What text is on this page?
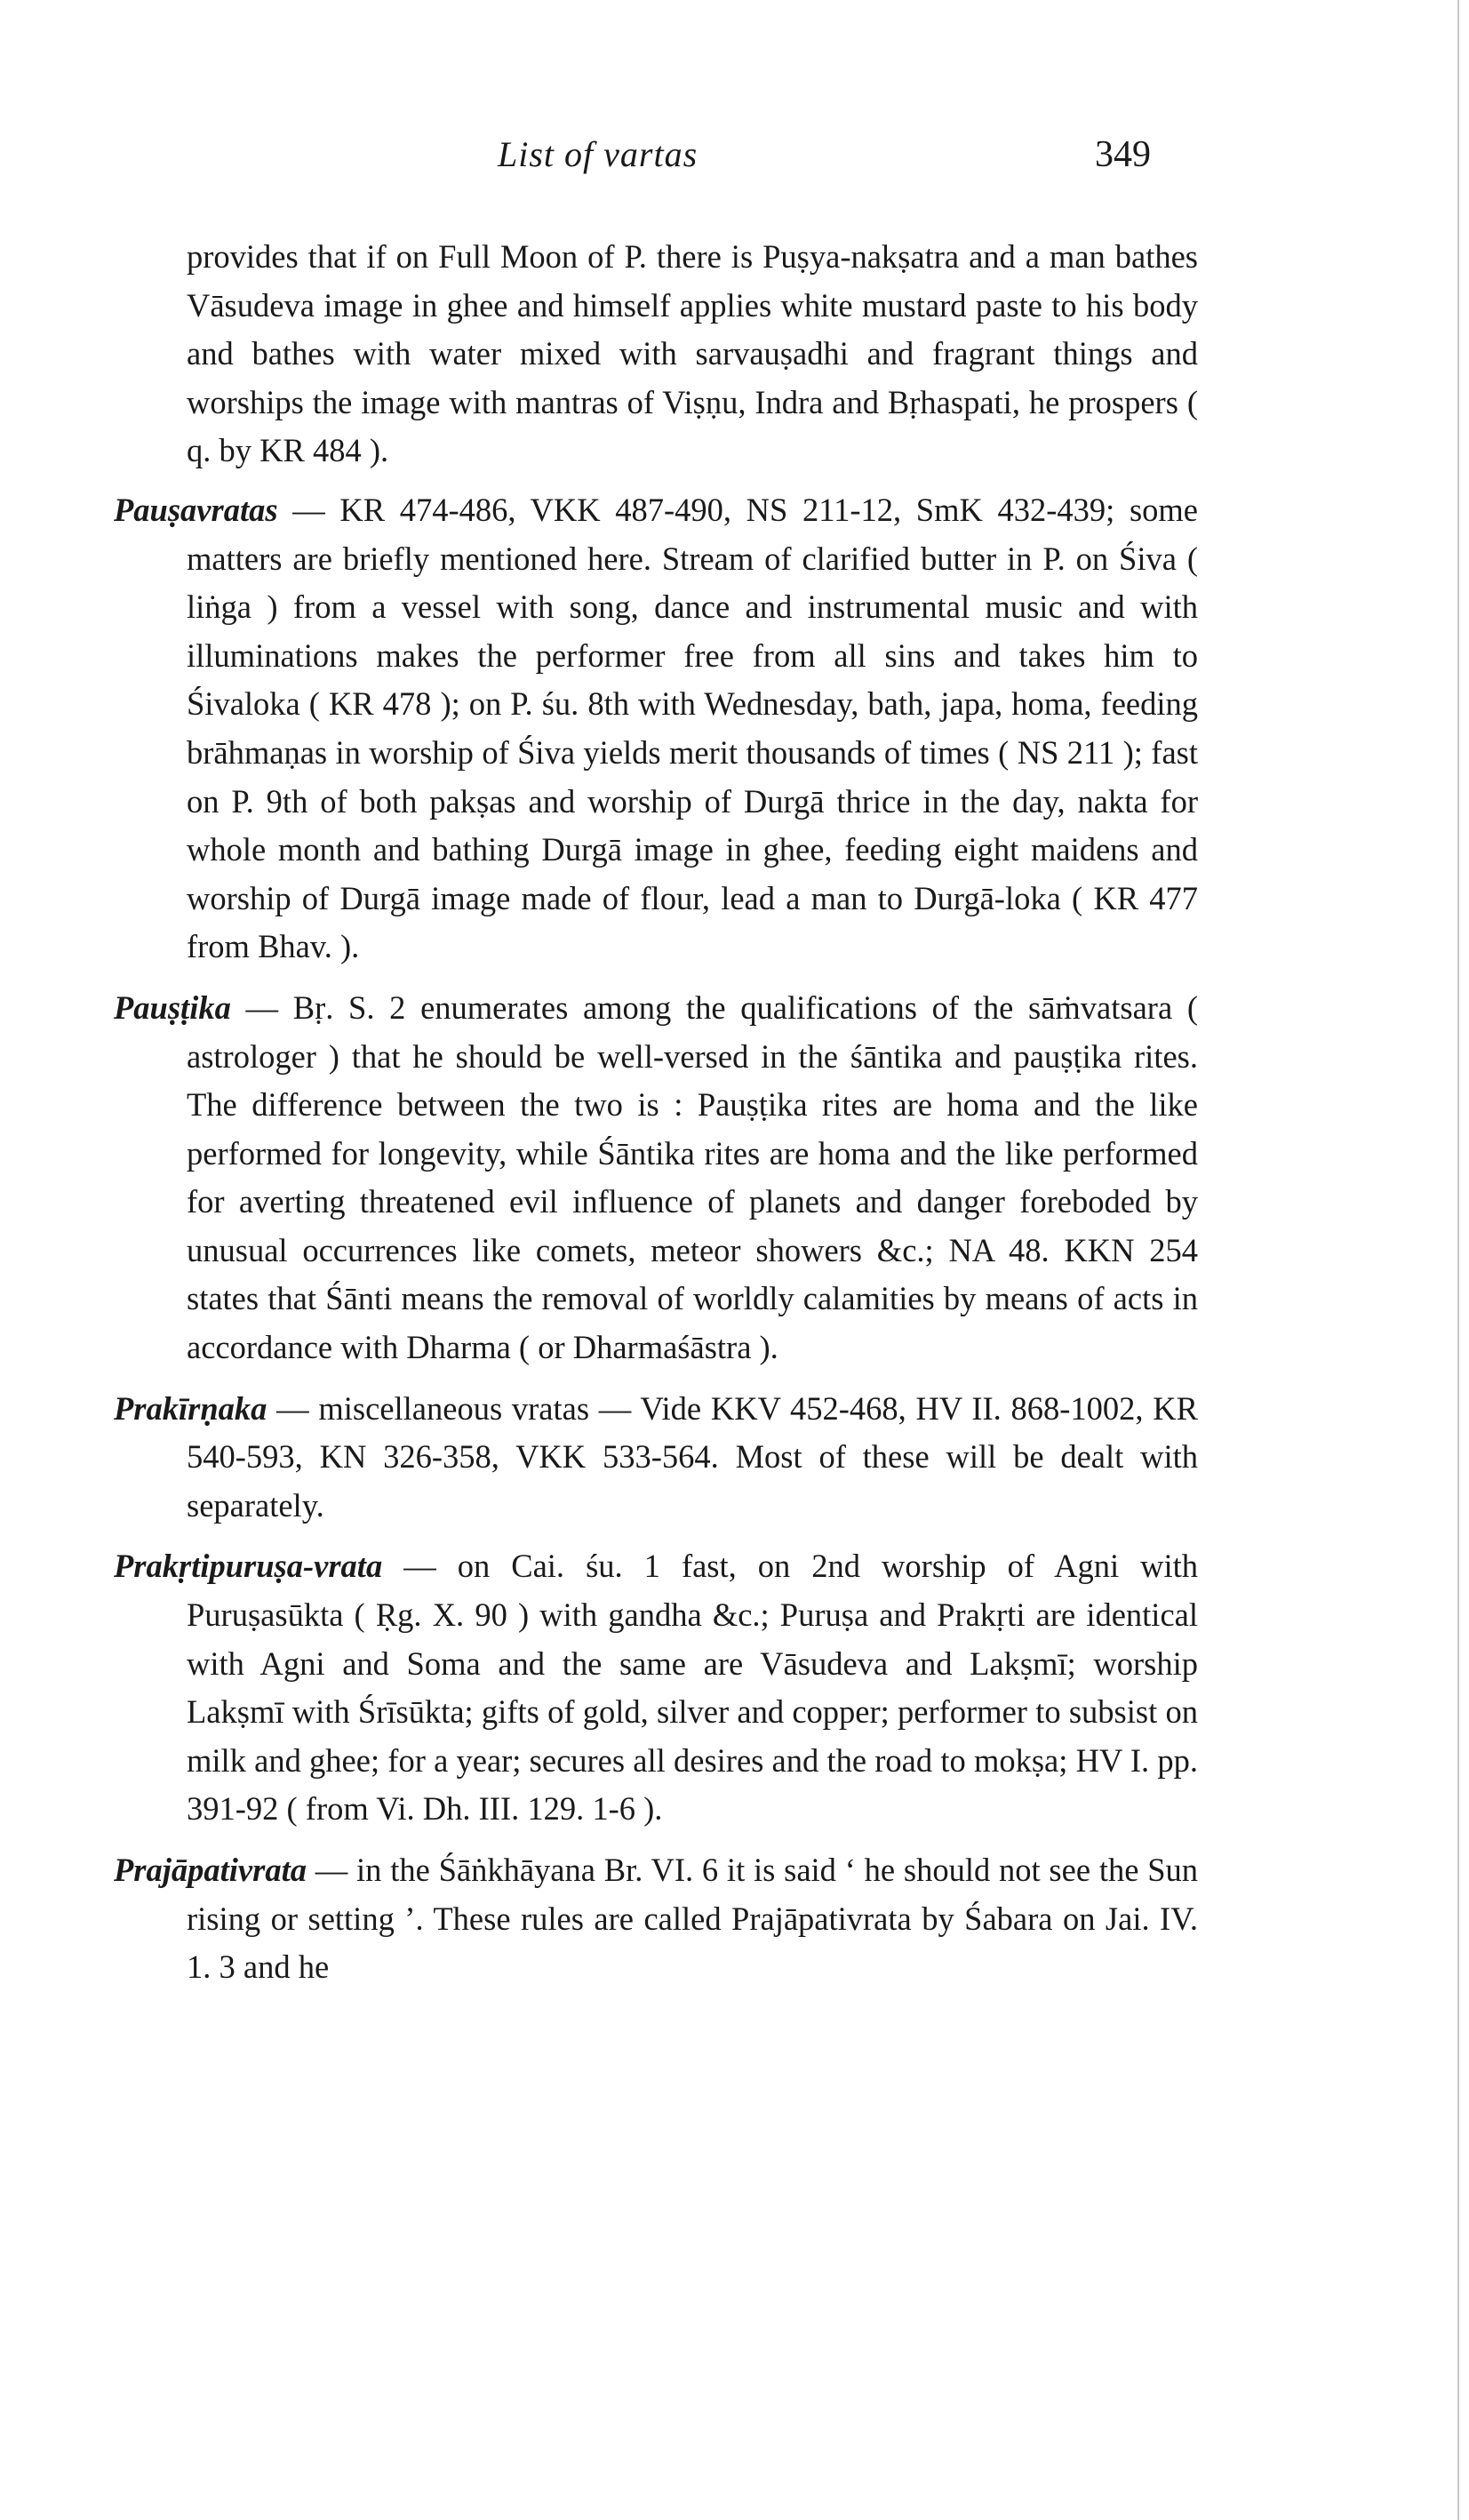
List of vartas	349

provides that if on Full Moon of P. there is Puṣya-nakṣatra and a man bathes Vāsudeva image in ghee and himself applies white mustard paste to his body and bathes with water mixed with sarvauṣadhi and fragrant things and worships the image with mantras of Viṣṇu, Indra and Bṛhaspati, he prospers ( q. by KR 484 ).

Pauṣavratas — KR 474-486, VKK 487-490, NS 211-12, SmK 432-439; some matters are briefly mentioned here. Stream of clarified butter in P. on Śiva ( liṅga ) from a vessel with song, dance and instrumental music and with illuminations makes the performer free from all sins and takes him to Śivaloka ( KR 478 ); on P. śu. 8th with Wednesday, bath, japa, homa, feeding brāhmaṇas in worship of Śiva yields merit thousands of times ( NS 211 ); fast on P. 9th of both pakṣas and worship of Durgā thrice in the day, nakta for whole month and bathing Durgā image in ghee, feeding eight maidens and worship of Durgā image made of flour, lead a man to Durgā-loka ( KR 477 from Bhav. ).

Pauṣṭika — Bṛ. S. 2 enumerates among the qualifications of the sāṁvatsara ( astrologer ) that he should be well-versed in the śāntika and pauṣṭika rites. The difference between the two is : Pauṣṭika rites are homa and the like performed for longevity, while Śāntika rites are homa and the like performed for averting threatened evil influence of planets and danger foreboded by unusual occurrences like comets, meteor showers &c.; NA 48. KKN 254 states that Śānti means the removal of worldly calamities by means of acts in accordance with Dharma ( or Dharmaśāstra ).

Prakīrṇaka — miscellaneous vratas — Vide KKV 452-468, HV II. 868-1002, KR 540-593, KN 326-358, VKK 533-564. Most of these will be dealt with separately.

Prakṛtipuruṣa-vrata — on Cai. śu. 1 fast, on 2nd worship of Agni with Puruṣasūkta ( Ṛg. X. 90 ) with gandha &c.; Puruṣa and Prakṛti are identical with Agni and Soma and the same are Vāsudeva and Lakṣmī; worship Lakṣmī with Śrīsūkta; gifts of gold, silver and copper; performer to subsist on milk and ghee; for a year; secures all desires and the road to mokṣa; HV I. pp. 391-92 ( from Vi. Dh. III. 129. 1-6 ).

Prajāpativrata — in the Śāṅkhāyana Br. VI. 6 it is said ‘ he should not see the Sun rising or setting ’. These rules are called Prajāpativrata by Śabara on Jai. IV. 1. 3 and he
